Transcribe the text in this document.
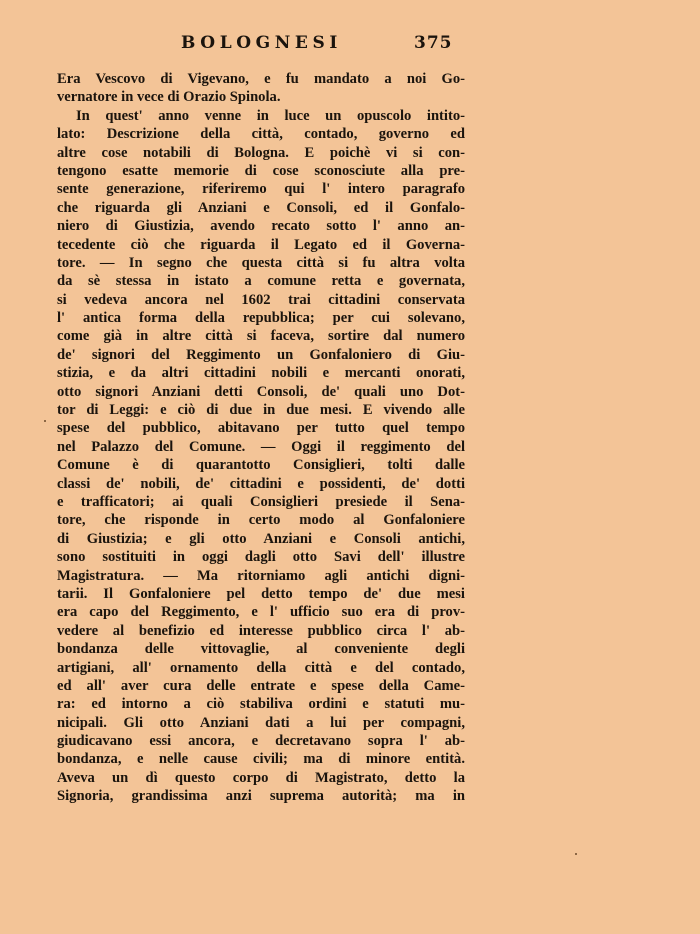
BOLOGNESI	375
Era Vescovo di Vigevano, e fu mandato a noi Go-
vernatore in vece di Orazio Spinola.
In quest' anno venne in luce un opuscolo intito-
lato: Descrizione della città, contado, governo ed
altre cose notabili di Bologna. E poichè vi si con-
tengono esatte memorie di cose sconosciute alla pre-
sente generazione, riferiremo qui l' intero paragrafo
che riguarda gli Anziani e Consoli, ed il Gonfalo-
niero di Giustizia, avendo recato sotto l' anno an-
tecedente ciò che riguarda il Legato ed il Governa-
tore. — In segno che questa città si fu altra volta
da sè stessa in istato a comune retta e governata,
si vedeva ancora nel 1602 trai cittadini conservata
l' antica forma della repubblica; per cui solevano,
come già in altre città si faceva, sortire dal numero
de' signori del Reggimento un Gonfaloniero di Giu-
stizia, e da altri cittadini nobili e mercanti onorati,
otto signori Anziani detti Consoli, de' quali uno Dot-
tor di Leggi: e ciò di due in due mesi. E vivendo alle
spese del pubblico, abitavano per tutto quel tempo
nel Palazzo del Comune. — Oggi il reggimento del
Comune è di quarantotto Consiglieri, tolti dalle
classi de' nobili, de' cittadini e possidenti, de' dotti
e trafficatori; ai quali Consiglieri presiede il Sena-
tore, che risponde in certo modo al Gonfaloniere
di Giustizia; e gli otto Anziani e Consoli antichi,
sono sostituiti in oggi dagli otto Savi dell' illustre
Magistratura. — Ma ritorniamo agli antichi digni-
tarii. Il Gonfaloniere pel detto tempo de' due mesi
era capo del Reggimento, e l' ufficio suo era di prov-
vedere al benefizio ed interesse pubblico circa l' ab-
bondanza delle vittovaglie, al conveniente degli
artigiani, all' ornamento della città e del contado,
ed all' aver cura delle entrate e spese della Came-
ra: ed intorno a ciò stabiliva ordini e statuti mu-
nicipali. Gli otto Anziani dati a lui per compagni,
giudicavano essi ancora, e decretavano sopra l' ab-
bondanza, e nelle cause civili; ma di minore entità.
Aveva un dì questo corpo di Magistrato, detto la
Signoria, grandissima anzi suprema autorità; ma in
